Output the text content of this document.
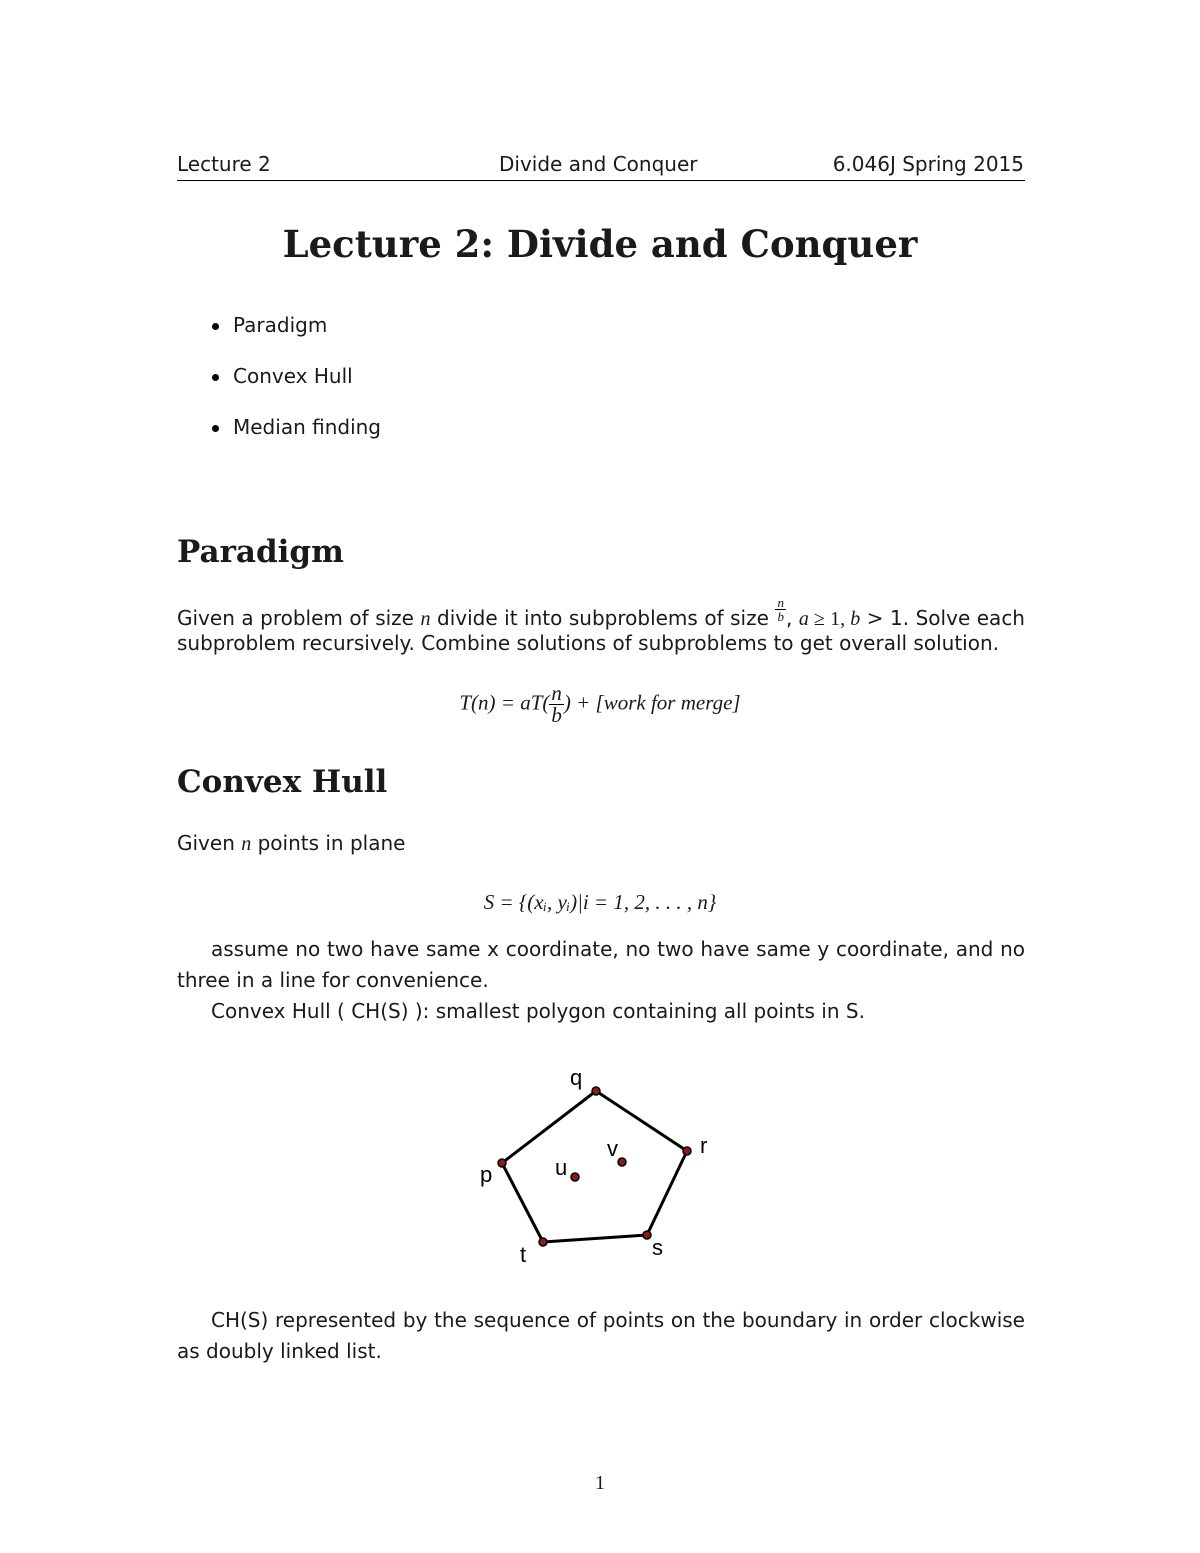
Lecture 2	Divide and Conquer	6.046J Spring 2015
Lecture 2: Divide and Conquer
Paradigm
Convex Hull
Median finding
Paradigm
Given a problem of size n divide it into subproblems of size $\frac{n}{b}$ , a ≥ 1, b > 1. Solve each
subproblem recursively. Combine solutions of subproblems to get overall solution.
$T(n) = aT( \frac{n}{b}$ ) + [work for merge]
Convex Hull
Given n points in plane
S = {(xᵢ, yᵢ)|i = 1, 2, . . . , n}
assume no two have same x coordinate, no two have same y coordinate, and no
three in a line for convenience.
Convex Hull ( CH(S) ): smallest polygon containing all points in S.
q
r
p	u
v
t	s
CH(S) represented by the sequence of points on the boundary in order clockwise
as doubly linked list.
1
